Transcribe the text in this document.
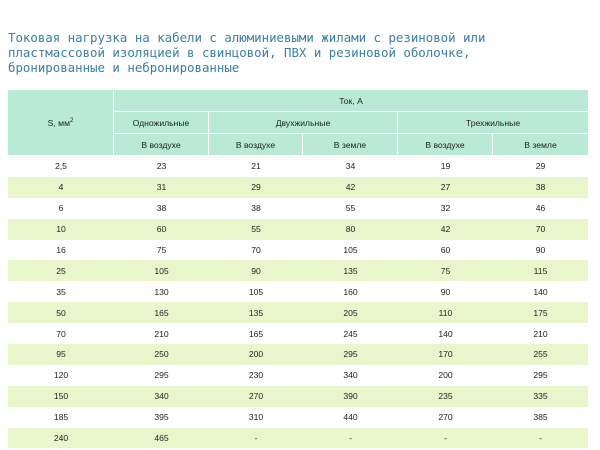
Токовая нагрузка на кабели с алюминиевыми жилами с резиновой или
пластмассовой изоляцией в свинцовой, ПВХ и резиновой оболочке,
бронированные и небронированные
S, $мм^2$	Ток, А				
	Одножильные	Двухжильные		Трехжильные	
	В воздухе	В воздухе	В земле	В воздухе	В земле
2,5	23	21	34	19	29
4	31	29	42	27	38
6	38	38	55	32	46
10	60	55	80	42	70
16	75	70	105	60	90
25	105	90	135	75	115
35	130	105	160	90	140
50	165	135	205	110	175
70	210	165	245	140	210
95	250	200	295	170	255
120	295	230	340	200	295
150	340	270	390	235	335
185	395	310	440	270	385
240	465	-	-	-	-
